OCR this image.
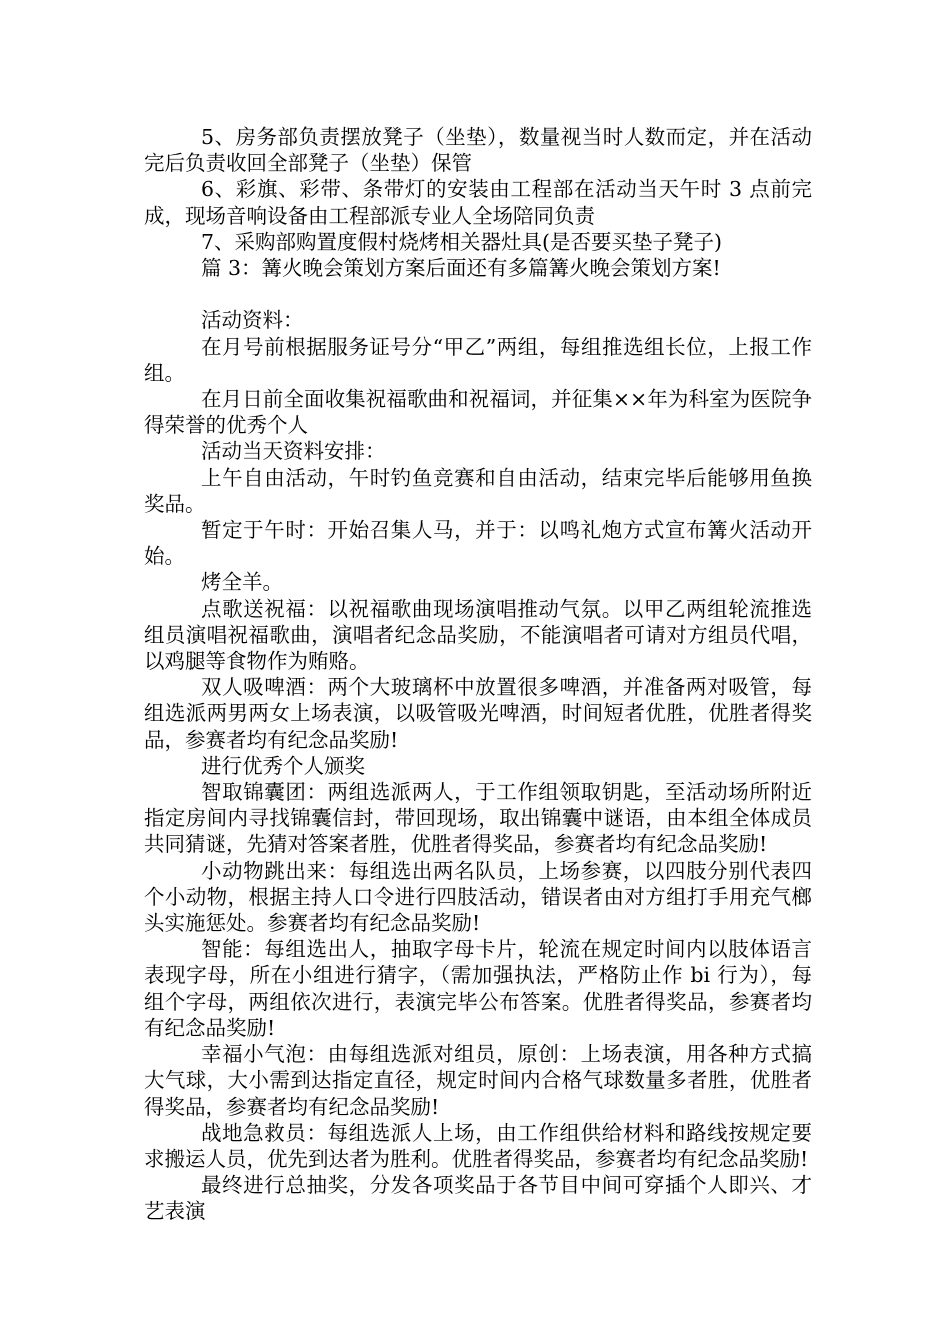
5、房务部负责摆放凳子（坐垫），数量视当时人数而定，并在活动完后负责收回全部凳子（坐垫）保管

6、彩旗、彩带、条带灯的安装由工程部在活动当天午时 3 点前完成，现场音响设备由工程部派专业人全场陪同负责

7、采购部购置度假村烧烤相关器灶具(是否要买垫子凳子)

篇 3：篝火晚会策划方案后面还有多篇篝火晚会策划方案!

活动资料：

在月号前根据服务证号分“甲乙”两组，每组推选组长位，上报工作组。

在月日前全面收集祝福歌曲和祝福词，并征集××年为科室为医院争得荣誉的优秀个人

活动当天资料安排：

上午自由活动，午时钓鱼竞赛和自由活动，结束完毕后能够用鱼换奖品。

暂定于午时：开始召集人马，并于：以鸣礼炮方式宣布篝火活动开始。

烤全羊。

点歌送祝福：以祝福歌曲现场演唱推动气氛。以甲乙两组轮流推选组员演唱祝福歌曲，演唱者纪念品奖励，不能演唱者可请对方组员代唱，以鸡腿等食物作为贿赂。

双人吸啤酒：两个大玻璃杯中放置很多啤酒，并准备两对吸管，每组选派两男两女上场表演，以吸管吸光啤酒，时间短者优胜，优胜者得奖品，参赛者均有纪念品奖励!

进行优秀个人颁奖

智取锦囊团：两组选派两人，于工作组领取钥匙，至活动场所附近指定房间内寻找锦囊信封，带回现场，取出锦囊中谜语，由本组全体成员共同猜谜，先猜对答案者胜，优胜者得奖品，参赛者均有纪念品奖励!

小动物跳出来：每组选出两名队员，上场参赛，以四肢分别代表四个小动物，根据主持人口令进行四肢活动，错误者由对方组打手用充气榔头实施惩处。参赛者均有纪念品奖励!

智能：每组选出人，抽取字母卡片，轮流在规定时间内以肢体语言表现字母，所在小组进行猜字，（需加强执法，严格防止作 bi 行为），每组个字母，两组依次进行，表演完毕公布答案。优胜者得奖品，参赛者均有纪念品奖励!

幸福小气泡：由每组选派对组员，原创：上场表演，用各种方式搞大气球，大小需到达指定直径，规定时间内合格气球数量多者胜，优胜者得奖品，参赛者均有纪念品奖励!

战地急救员：每组选派人上场，由工作组供给材料和路线按规定要求搬运人员，优先到达者为胜利。优胜者得奖品，参赛者均有纪念品奖励!

最终进行总抽奖，分发各项奖品于各节目中间可穿插个人即兴、才艺表演
